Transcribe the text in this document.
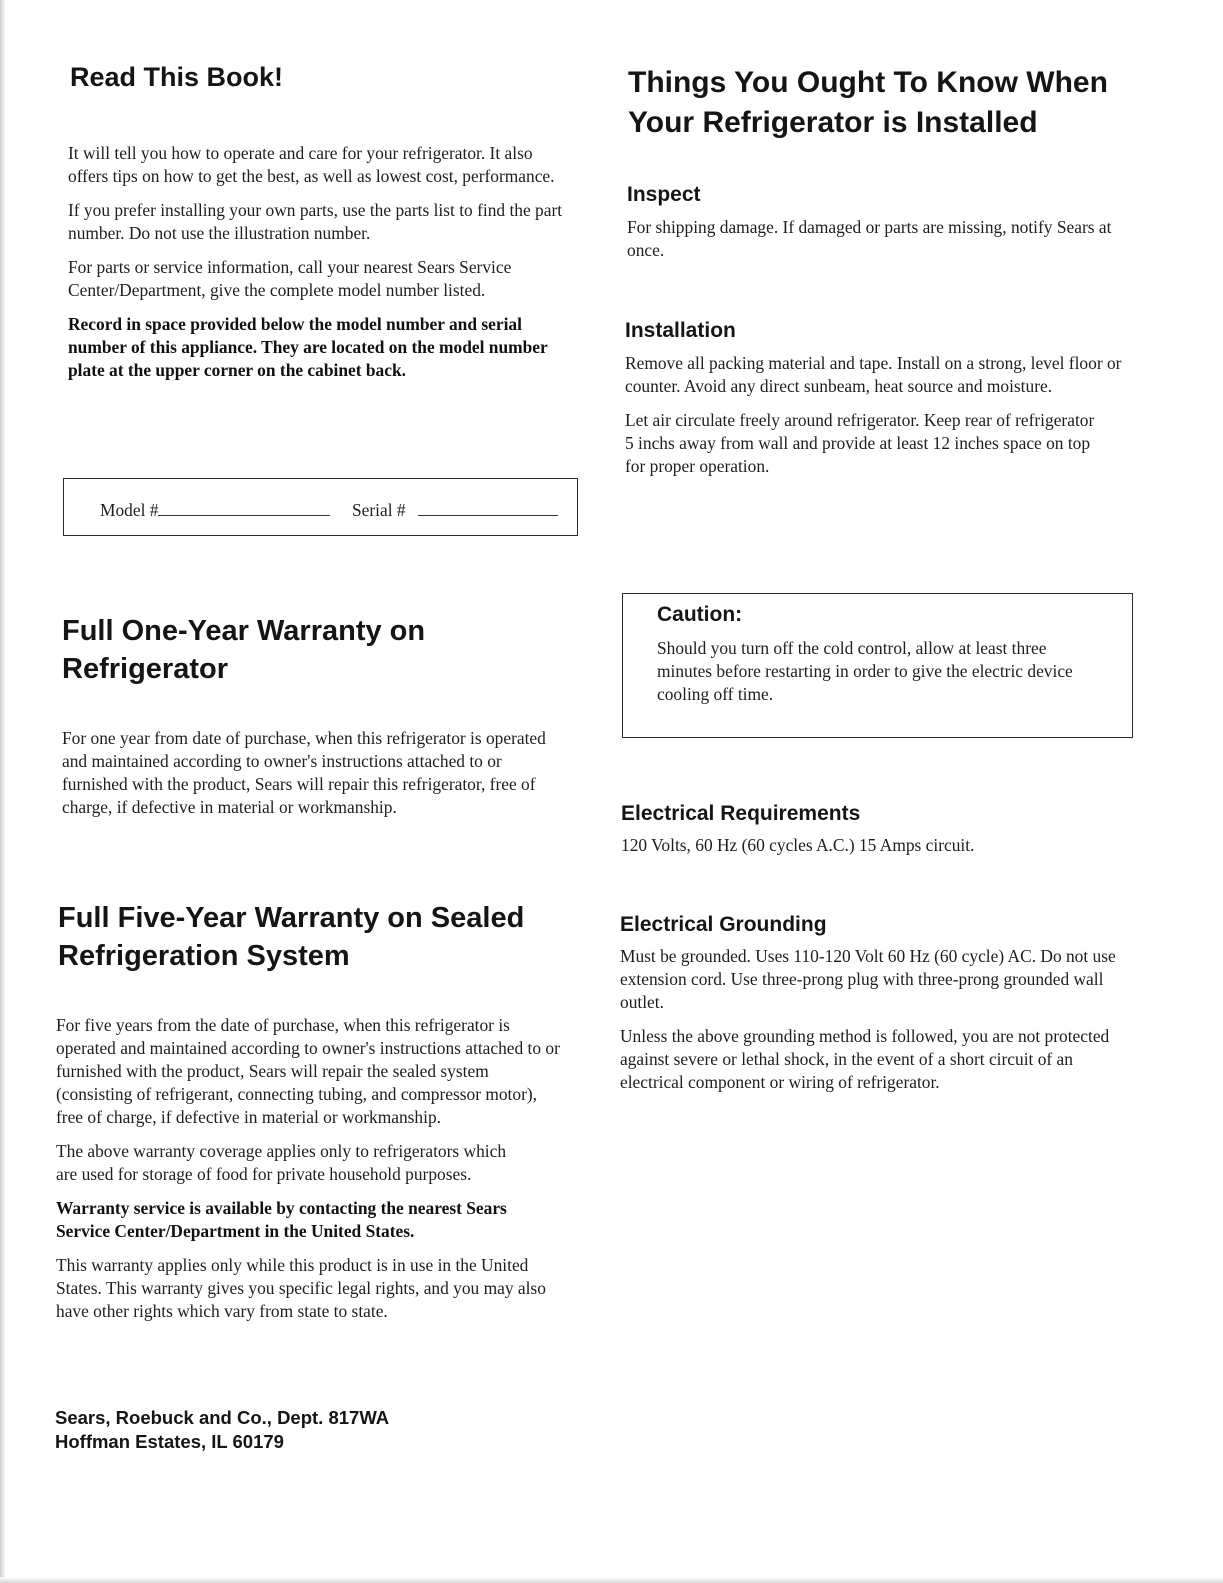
Read This Book!

It will tell you how to operate and care for your refrigerator. It also offers tips on how to get the best, as well as lowest cost, performance.

If you prefer installing your own parts, use the parts list to find the part number. Do not use the illustration number.

For parts or service information, call your nearest Sears Service Center/Department, give the complete model number listed.

Record in space provided below the model number and serial number of this appliance. They are located on the model number plate at the upper corner on the cabinet back.

Model #	Serial #
Full One-Year Warranty on
Refrigerator

For one year from date of purchase, when this refrigerator is operated and maintained according to owner's instructions attached to or furnished with the product, Sears will repair this refrigerator, free of charge, if defective in material or workmanship.

Full Five-Year Warranty on Sealed
Refrigeration System

For five years from the date of purchase, when this refrigerator is operated and maintained according to owner's instructions attached to or furnished with the product, Sears will repair the sealed system (consisting of refrigerant, connecting tubing, and compressor motor), free of charge, if defective in material or workmanship.

The above warranty coverage applies only to refrigerators which are used for storage of food for private household purposes.

Warranty service is available by contacting the nearest Sears Service Center/Department in the United States.

This warranty applies only while this product is in use in the United States. This warranty gives you specific legal rights, and you may also have other rights which vary from state to state.

Sears, Roebuck and Co., Dept. 817WA

Hoffman Estates, IL 60179

Things You Ought To Know When
Your Refrigerator is Installed
Inspect

For shipping damage. If damaged or parts are missing, notify Sears at once.

Installation

Remove all packing material and tape. Install on a strong, level floor or counter. Avoid any direct sunbeam, heat source and moisture.

Let air circulate freely around refrigerator. Keep rear of refrigerator 5 inchs away from wall and provide at least 12 inches space on top for proper operation.

Caution:

Should you turn off the cold control, allow at least three minutes before restarting in order to give the electric device cooling off time.

Electrical Requirements

120 Volts, 60 Hz (60 cycles A.C.) 15 Amps circuit.

Electrical Grounding

Must be grounded. Uses 110-120 Volt 60 Hz (60 cycle) AC. Do not use extension cord. Use three-prong plug with three-prong grounded wall outlet.

Unless the above grounding method is followed, you are not protected against severe or lethal shock, in the event of a short circuit of an electrical component or wiring of refrigerator.
